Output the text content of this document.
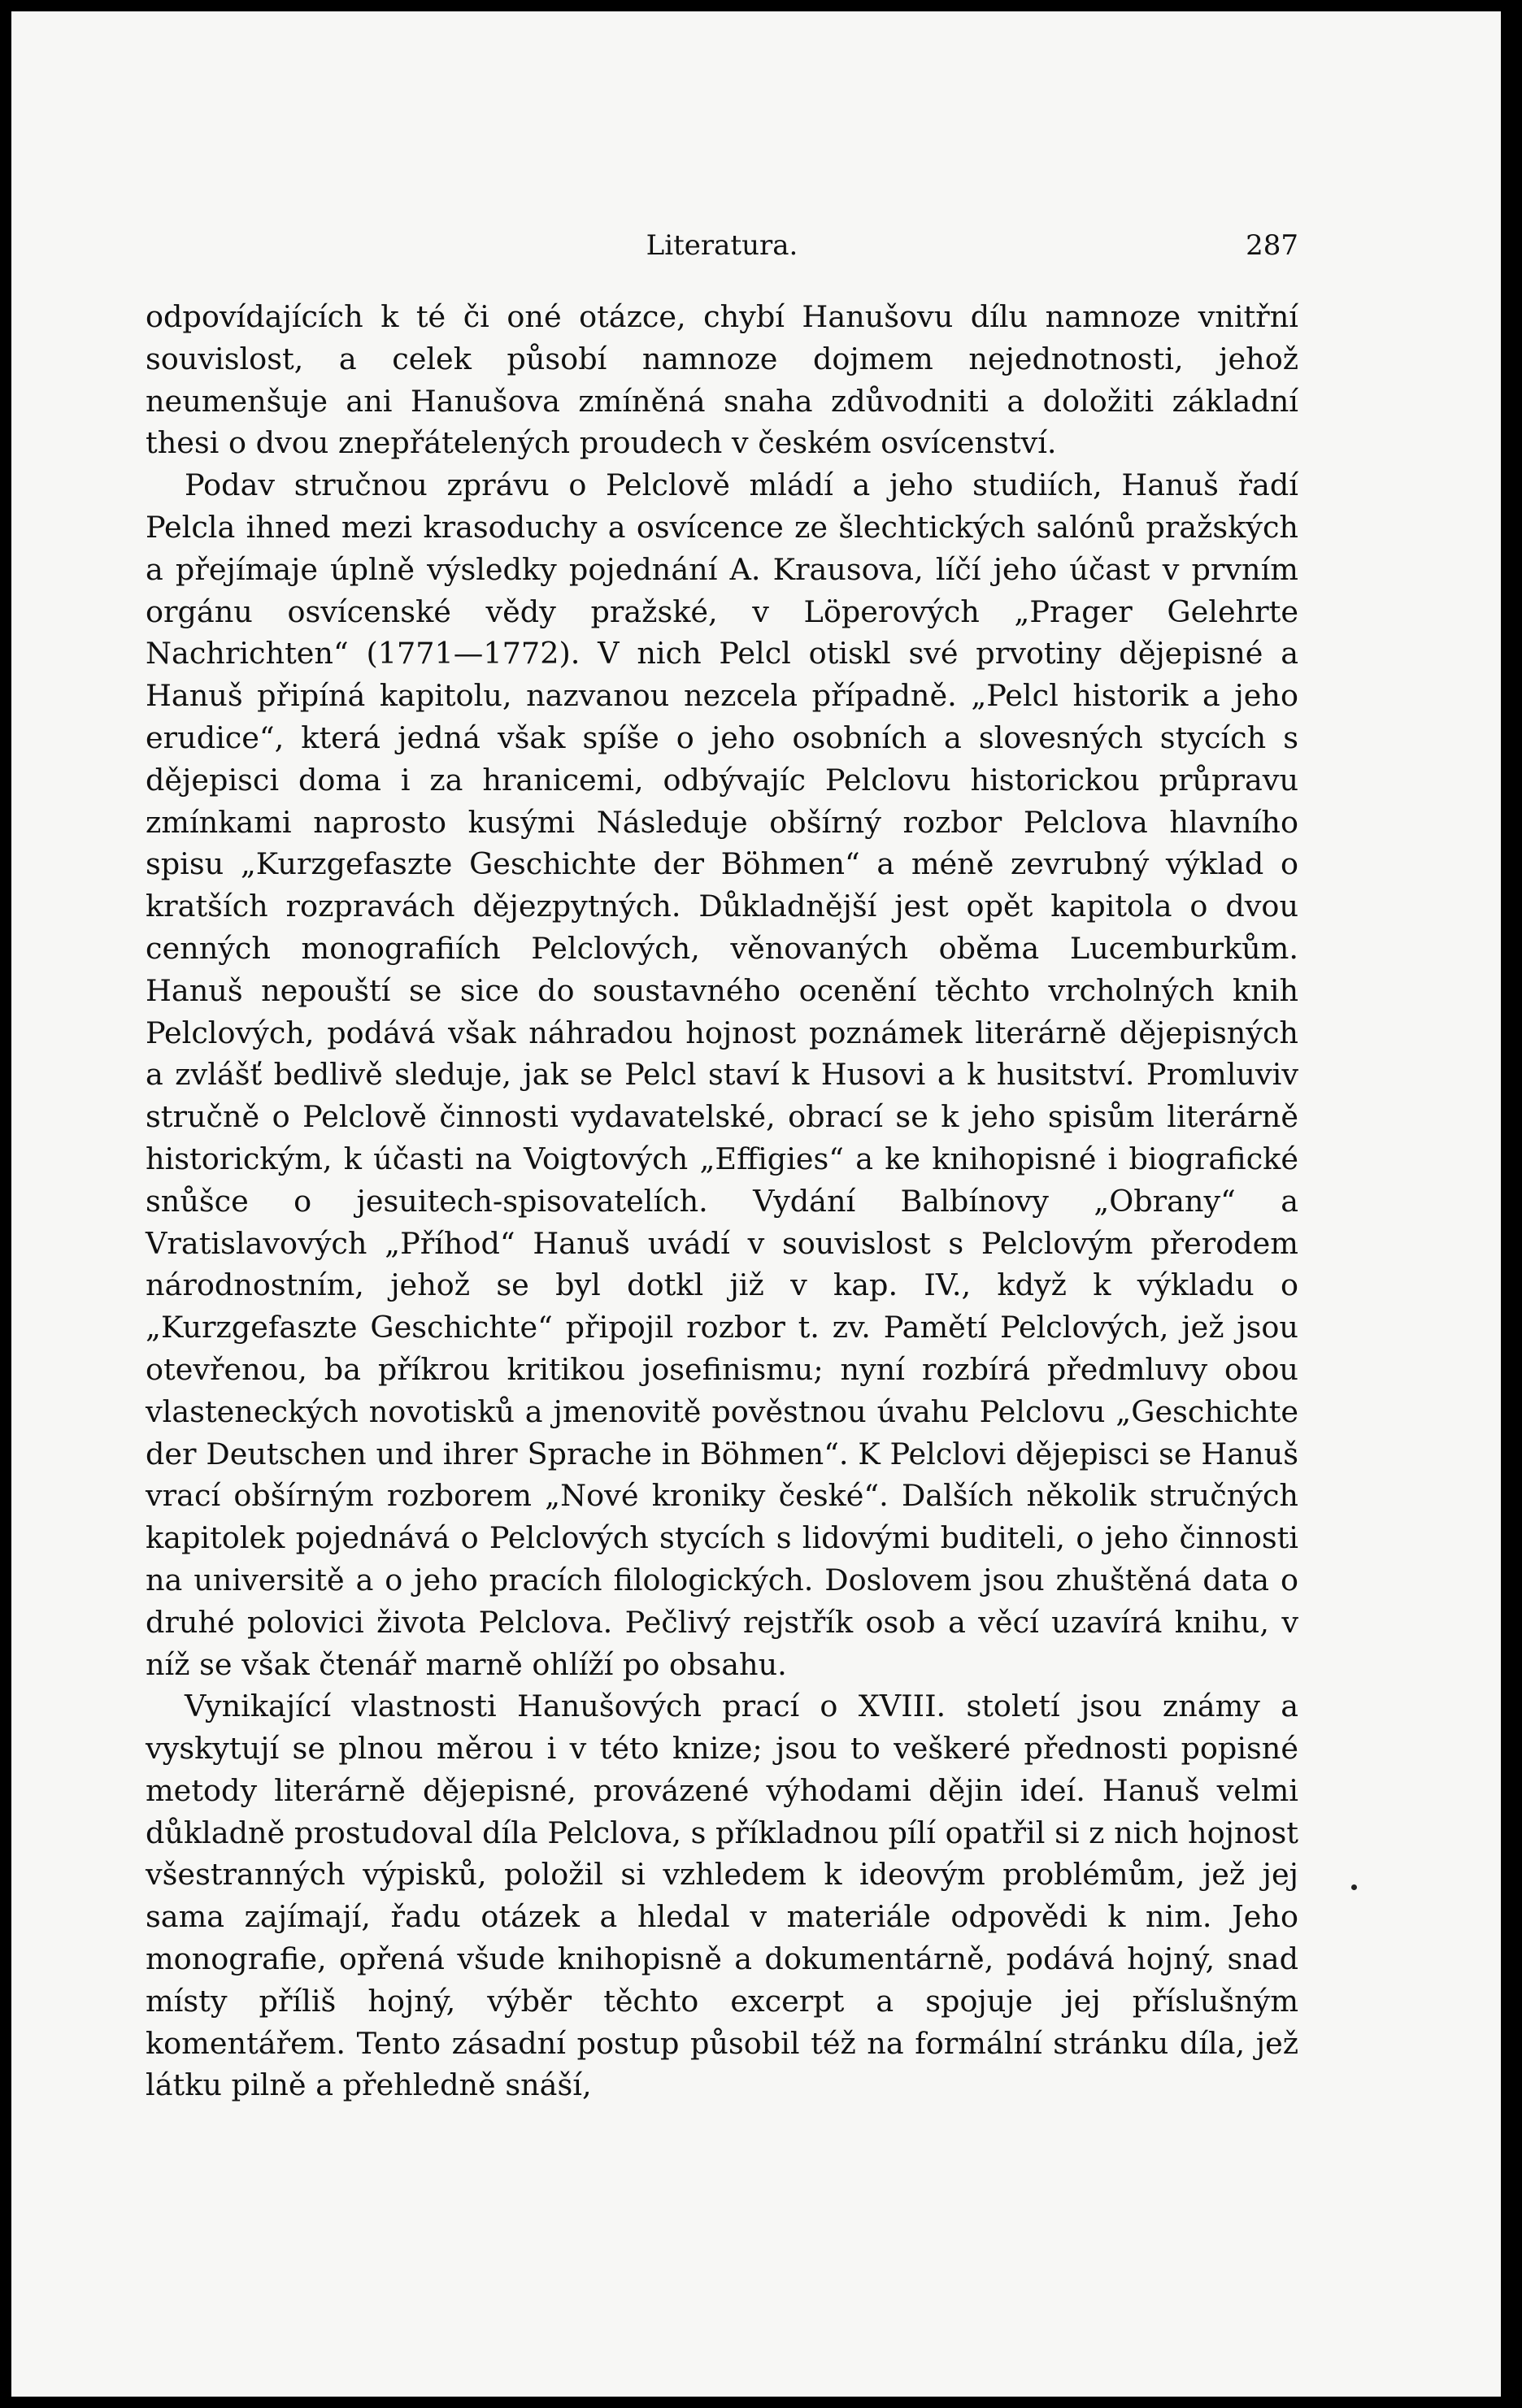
Literatura.	287

odpovídajících k té či oné otázce, chybí Hanušovu dílu namnoze vnitřní souvislost, a celek působí namnoze dojmem nejednotnosti, jehož neumenšuje ani Hanušova zmíněná snaha zdůvodniti a doložiti základní thesi o dvou znepřátelených proudech v českém osvícenství.

Podav stručnou zprávu o Pelclově mládí a jeho studiích, Hanuš řadí Pelcla ihned mezi krasoduchy a osvícence ze šlechtických salónů pražských a přejímaje úplně výsledky pojednání A. Krausova, líčí jeho účast v prvním orgánu osvícenské vědy pražské, v Löperových „Prager Gelehrte Nachrichten“ (1771—1772). V nich Pelcl otiskl své prvotiny dějepisné a Hanuš připíná kapitolu, nazvanou nezcela případně. „Pelcl historik a jeho erudice“, která jedná však spíše o jeho osobních a slovesných stycích s dějepisci doma i za hranicemi, odbývajíc Pelclovu historickou průpravu zmínkami naprosto kusými Následuje obšírný rozbor Pelclova hlavního spisu „Kurzgefaszte Geschichte der Böhmen“ a méně zevrubný výklad o kratších rozpravách dějezpytných. Důkladnější jest opět kapitola o dvou cenných monografiích Pelclových, věnovaných oběma Lucemburkům. Hanuš nepouští se sice do soustavného ocenění těchto vrcholných knih Pelclových, podává však náhradou hojnost poznámek literárně dějepisných a zvlášť bedlivě sleduje, jak se Pelcl staví k Husovi a k husitství. Promluviv stručně o Pelclově činnosti vydavatelské, obrací se k jeho spisům literárně historickým, k účasti na Voigtových „Effigies“ a ke knihopisné i biografické snůšce o jesuitech-spisovatelích. Vydání Balbínovy „Obrany“ a Vratislavových „Příhod“ Hanuš uvádí v souvislost s Pelclovým přerodem národnostním, jehož se byl dotkl již v kap. IV., když k výkladu o „Kurzgefaszte Geschichte“ připojil rozbor t. zv. Pamětí Pelclových, jež jsou otevřenou, ba příkrou kritikou josefinismu; nyní rozbírá předmluvy obou vlasteneckých novotisků a jmenovitě pověstnou úvahu Pelclovu „Geschichte der Deutschen und ihrer Sprache in Böhmen“. K Pelclovi dějepisci se Hanuš vrací obšírným rozborem „Nové kroniky české“. Dalších několik stručných kapitolek pojednává o Pelclových stycích s lidovými buditeli, o jeho činnosti na universitě a o jeho pracích filologických. Doslovem jsou zhuštěná data o druhé polovici života Pelclova. Pečlivý rejstřík osob a věcí uzavírá knihu, v níž se však čtenář marně ohlíží po obsahu.

Vynikající vlastnosti Hanušových prací o XVIII. století jsou známy a vyskytují se plnou měrou i v této knize; jsou to veškeré přednosti popisné metody literárně dějepisné, provázené výhodami dějin ideí. Hanuš velmi důkladně prostudoval díla Pelclova, s příkladnou pílí opatřil si z nich hojnost všestranných výpisků, položil si vzhledem k ideovým problémům, jež jej sama zajímají, řadu otázek a hledal v materiále odpovědi k nim. Jeho monografie, opřená všude knihopisně a dokumentárně, podává hojný, snad místy příliš hojný, výběr těchto excerpt a spojuje jej příslušným komentářem. Tento zásadní postup působil též na formální stránku díla, jež látku pilně a přehledně snáší,
